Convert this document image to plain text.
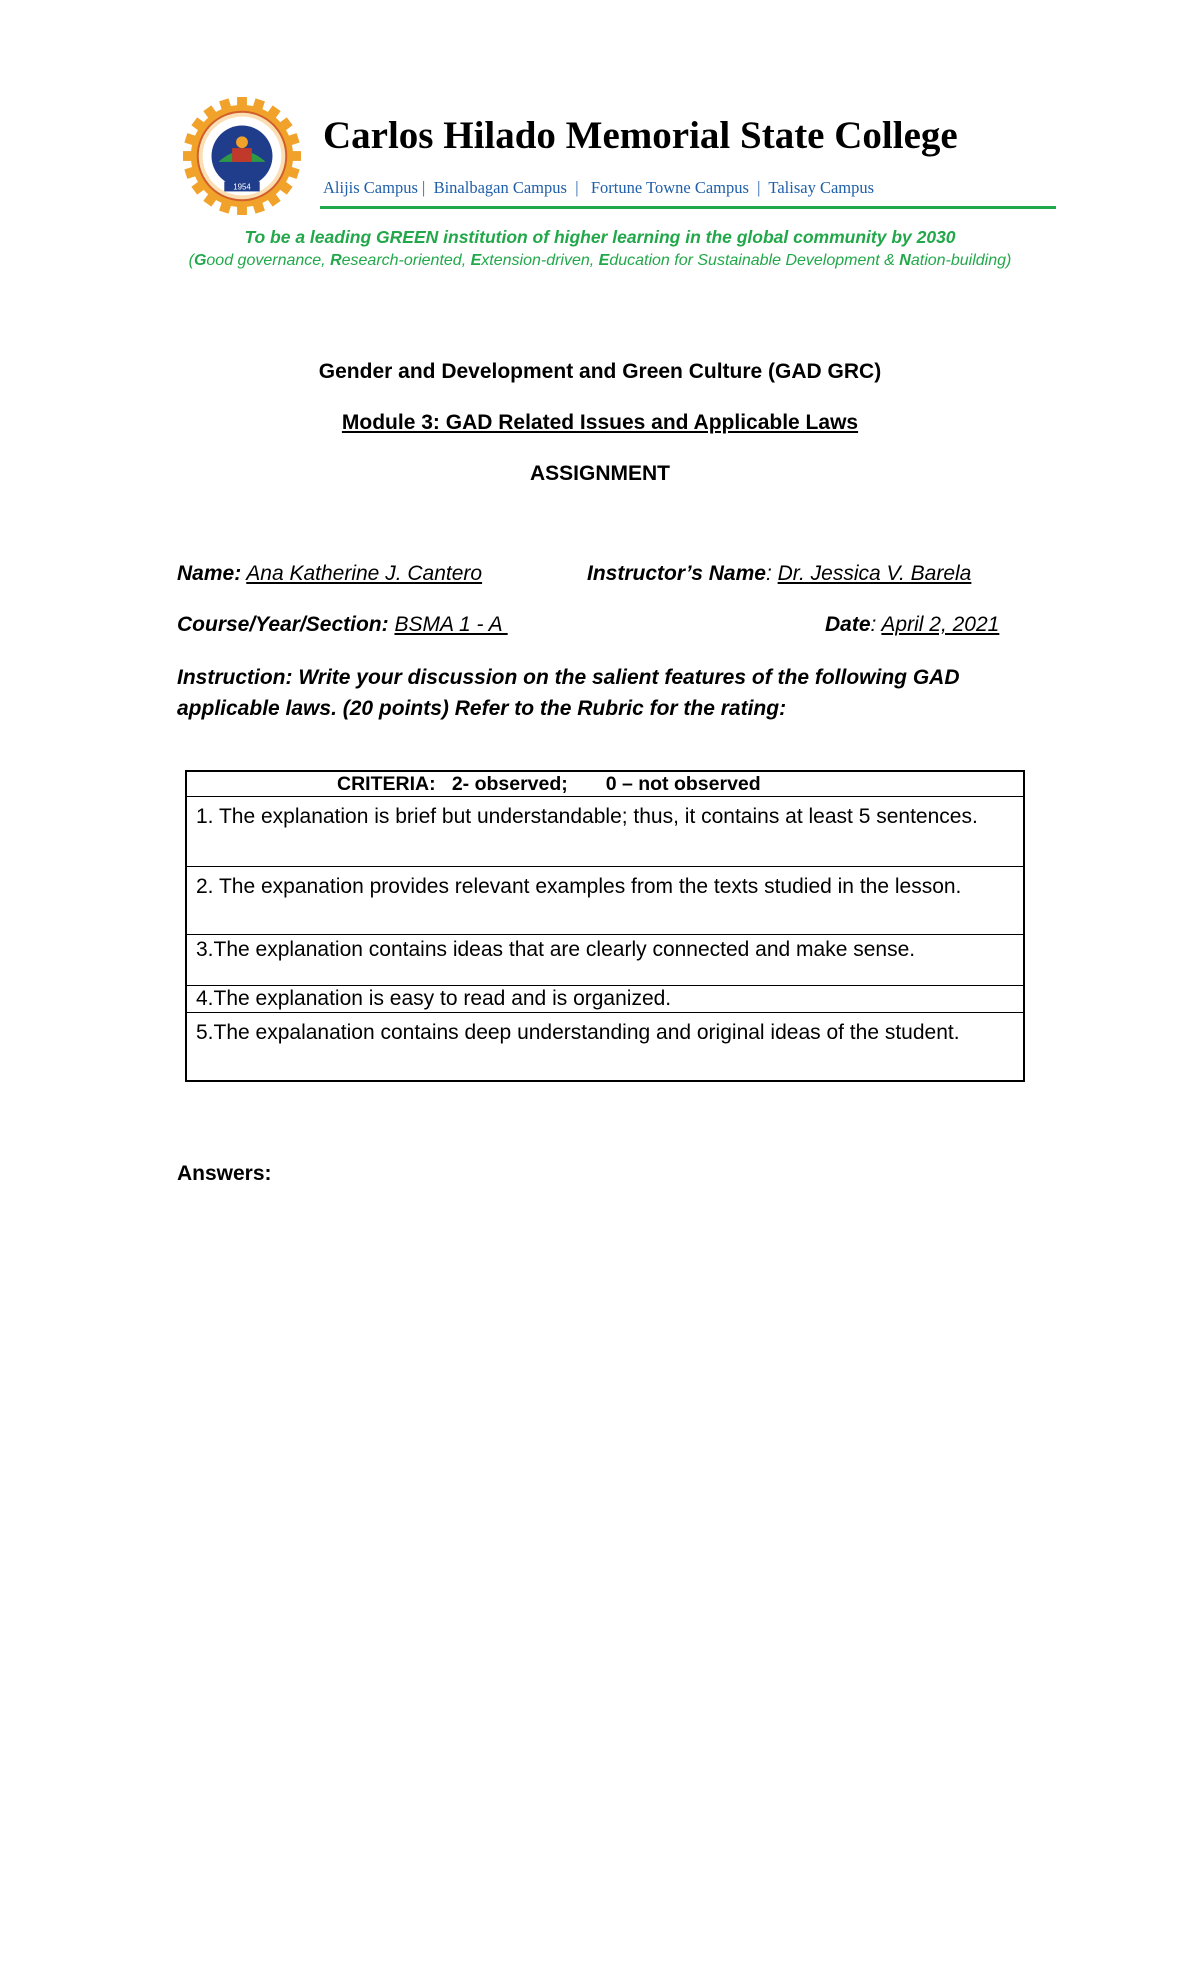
1954
Carlos Hilado Memorial State College
Alijis Campus |  Binalbagan Campus  |   Fortune Towne Campus  |  Talisay Campus
To be a leading GREEN institution of higher learning in the global community by 2030
(Good governance, Research-oriented, Extension-driven, Education for Sustainable Development & Nation-building)
Gender and Development and Green Culture (GAD GRC)
Module 3: GAD Related Issues and Applicable Laws
ASSIGNMENT
Name: Ana Katherine J. Cantero	Instructor’s Name: Dr. Jessica V. Barela
Course/Year/Section: BSMA 1 - A	Date: April 2, 2021
Instruction: Write your discussion on the salient features of the following GAD applicable laws. (20 points) Refer to the Rubric for the rating:
CRITERIA:   2- observed;       0 – not observed
1. The explanation is brief but understandable; thus, it contains at least 5 sentences.
2. The expanation provides relevant examples from the texts studied in the lesson.
3.The explanation contains ideas that are clearly connected and make sense.
4.The explanation is easy to read and is organized.
5.The expalanation contains deep understanding and original ideas of the student.
Answers:
